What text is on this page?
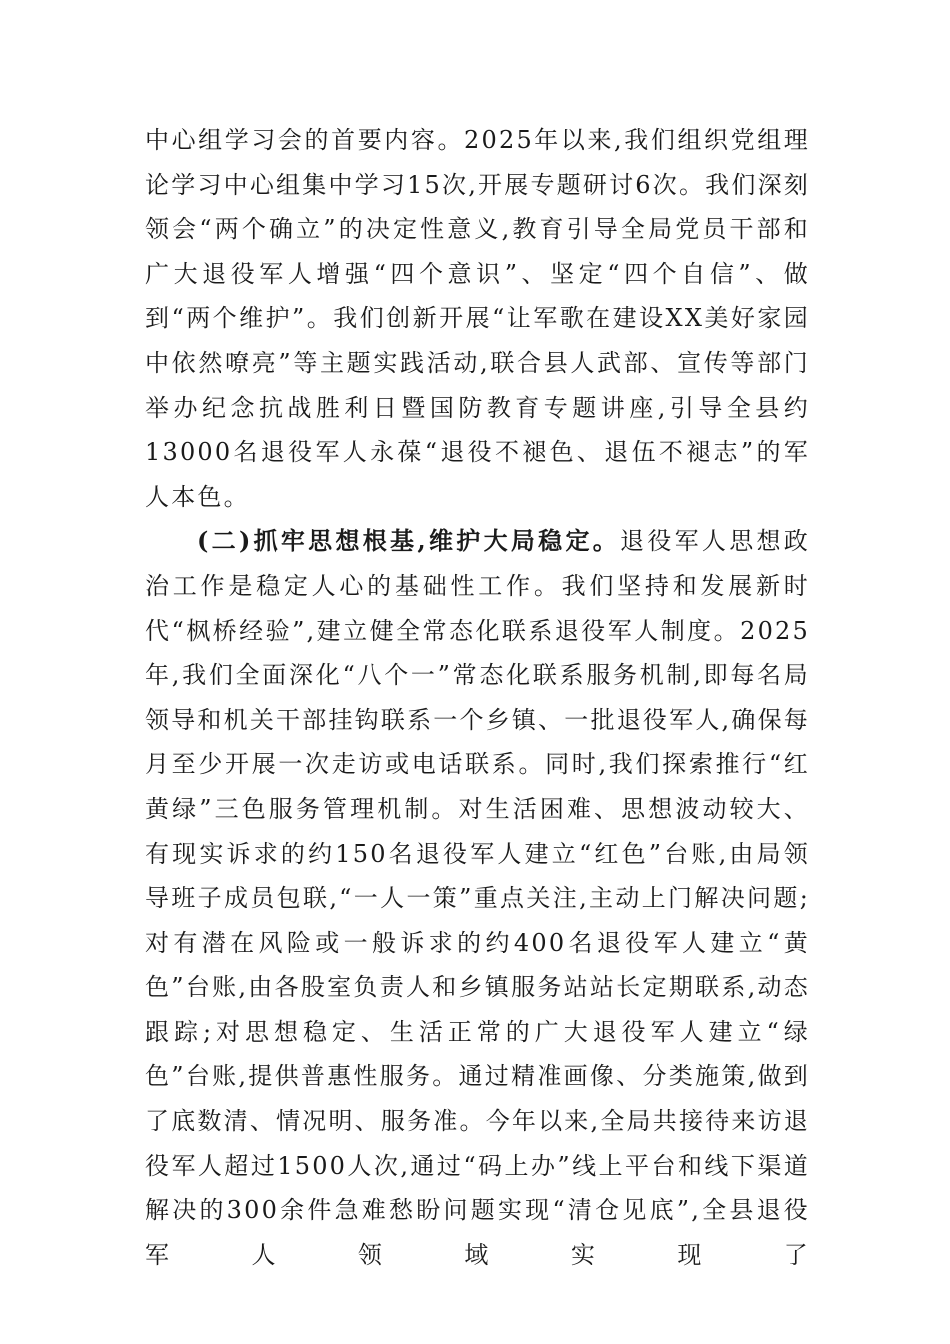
中心组学习会的首要内容。2025年以来,我们组织党组理论学习中心组集中学习15次,开展专题研讨6次。我们深刻领会“两个确立”的决定性意义,教育引导全局党员干部和广大退役军人增强“四个意识”、坚定“四个自信”、做到“两个维护”。我们创新开展“让军歌在建设XX美好家园中依然嘹亮”等主题实践活动,联合县人武部、宣传等部门举办纪念抗战胜利日暨国防教育专题讲座,引导全县约13000名退役军人永葆“退役不褪色、退伍不褪志”的军人本色。

(二)抓牢思想根基,维护大局稳定。退役军人思想政治工作是稳定人心的基础性工作。我们坚持和发展新时代“枫桥经验”,建立健全常态化联系退役军人制度。2025年,我们全面深化“八个一”常态化联系服务机制,即每名局领导和机关干部挂钩联系一个乡镇、一批退役军人,确保每月至少开展一次走访或电话联系。同时,我们探索推行“红黄绿”三色服务管理机制。对生活困难、思想波动较大、有现实诉求的约150名退役军人建立“红色”台账,由局领导班子成员包联,“一人一策”重点关注,主动上门解决问题;对有潜在风险或一般诉求的约400名退役军人建立“黄色”台账,由各股室负责人和乡镇服务站站长定期联系,动态跟踪;对思想稳定、生活正常的广大退役军人建立“绿色”台账,提供普惠性服务。通过精准画像、分类施策,做到了底数清、情况明、服务准。今年以来,全局共接待来访退役军人超过1500人次,通过“码上办”线上平台和线下渠道解决的300余件急难愁盼问题实现“清仓见底”,全县退役军人领域实现了
